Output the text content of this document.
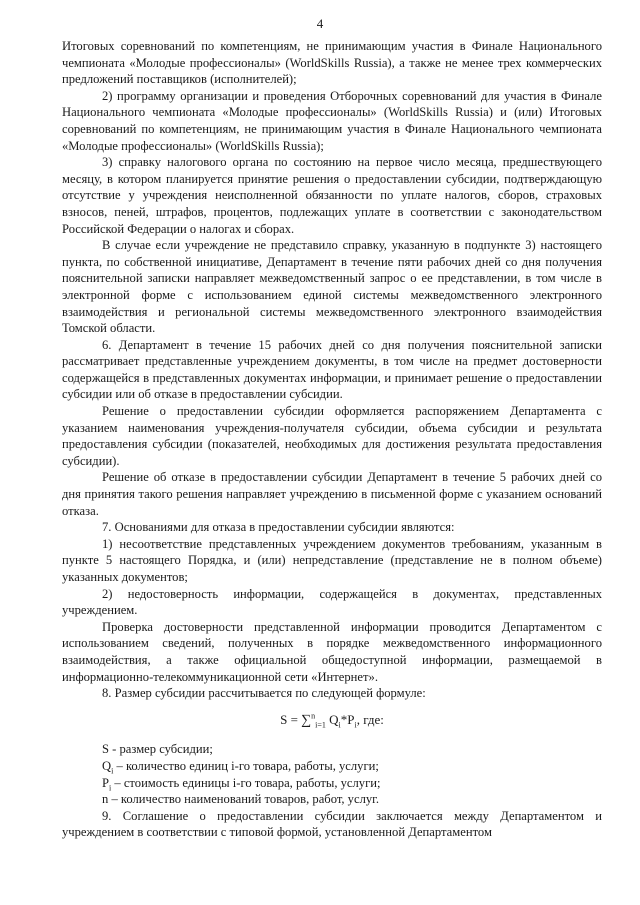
4

Итоговых соревнований по компетенциям, не принимающим участия в Финале Национального чемпионата «Молодые профессионалы» (WorldSkills Russia), а также не менее трех коммерческих предложений поставщиков (исполнителей);

2) программу организации и проведения Отборочных соревнований для участия в Финале Национального чемпионата «Молодые профессионалы» (WorldSkills Russia) и (или) Итоговых соревнований по компетенциям, не принимающим участия в Финале Национального чемпионата «Молодые профессионалы» (WorldSkills Russia);

3) справку налогового органа по состоянию на первое число месяца, предшествующего месяцу, в котором планируется принятие решения о предоставлении субсидии, подтверждающую отсутствие у учреждения неисполненной обязанности по уплате налогов, сборов, страховых взносов, пеней, штрафов, процентов, подлежащих уплате в соответствии с законодательством Российской Федерации о налогах и сборах.

В случае если учреждение не представило справку, указанную в подпункте 3) настоящего пункта, по собственной инициативе, Департамент в течение пяти рабочих дней со дня получения пояснительной записки направляет межведомственный запрос о ее представлении, в том числе в электронной форме с использованием единой системы межведомственного электронного взаимодействия и региональной системы межведомственного электронного взаимодействия Томской области.

6. Департамент в течение 15 рабочих дней со дня получения пояснительной записки рассматривает представленные учреждением документы, в том числе на предмет достоверности содержащейся в представленных документах информации, и принимает решение о предоставлении субсидии или об отказе в предоставлении субсидии.

Решение о предоставлении субсидии оформляется распоряжением Департамента с указанием наименования учреждения-получателя субсидии, объема субсидии и результата предоставления субсидии (показателей, необходимых для достижения результата предоставления субсидии).

Решение об отказе в предоставлении субсидии Департамент в течение 5 рабочих дней со дня принятия такого решения направляет учреждению в письменной форме с указанием оснований отказа.

7. Основаниями для отказа в предоставлении субсидии являются:

1) несоответствие представленных учреждением документов требованиям, указанным в пункте 5 настоящего Порядка, и (или) непредставление (представление не в полном объеме) указанных документов;

2) недостоверность информации, содержащейся в документах, представленных учреждением.

Проверка достоверности представленной информации проводится Департаментом с использованием сведений, полученных в порядке межведомственного информационного взаимодействия, а также официальной общедоступной информации, размещаемой в информационно-телекоммуникационной сети «Интернет».

8. Размер субсидии рассчитывается по следующей формуле:

S = ∑$^n_{i=1}$ $Q_i*P_i$, где:

S - размер субсидии;

$Q_i$ – количество единиц i-го товара, работы, услуги;

$P_i$ – стоимость единицы i-го товара, работы, услуги;

n – количество наименований товаров, работ, услуг.

9. Соглашение о предоставлении субсидии заключается между Департаментом и учреждением в соответствии с типовой формой, установленной Департаментом
